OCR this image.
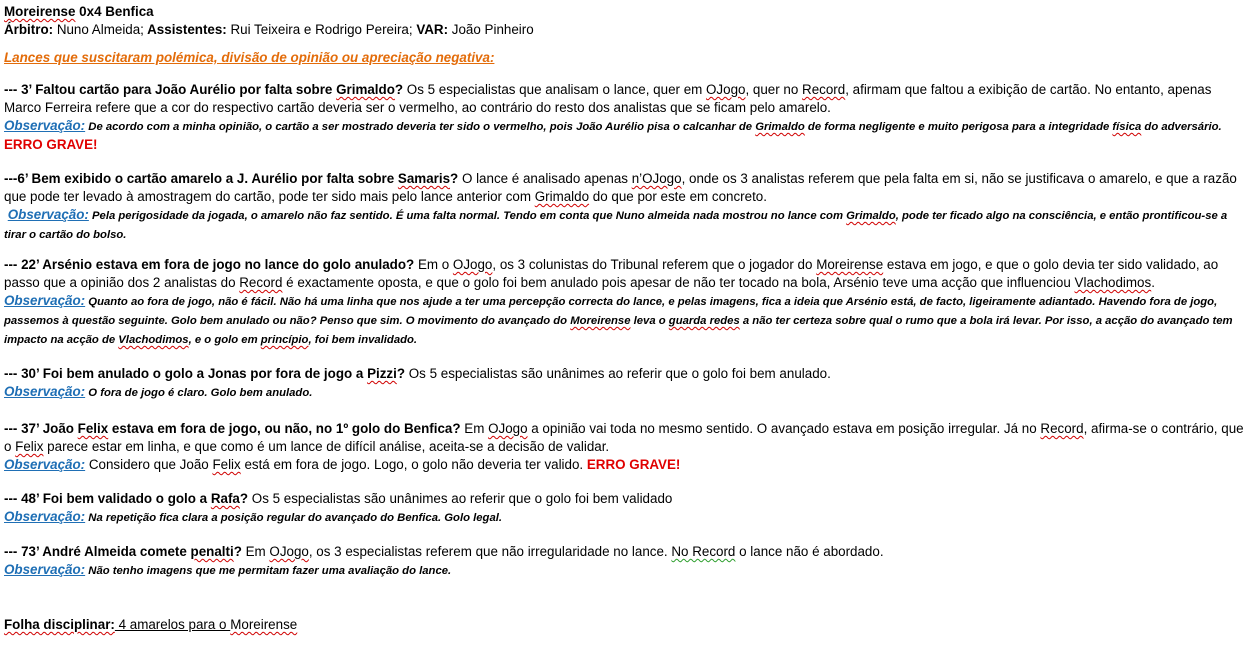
Moreirense 0x4 Benfica
Árbitro: Nuno Almeida; Assistentes: Rui Teixeira e Rodrigo Pereira; VAR: João Pinheiro
Lances que suscitaram polémica, divisão de opinião ou apreciação negativa:
--- 3’ Faltou cartão para João Aurélio por falta sobre Grimaldo? Os 5 especialistas que analisam o lance, quer em OJogo, quer no Record, afirmam que faltou a exibição de cartão. No entanto, apenas Marco Ferreira refere que a cor do respectivo cartão deveria ser o vermelho, ao contrário do resto dos analistas que se ficam pelo amarelo.
Observação: De acordo com a minha opinião, o cartão a ser mostrado deveria ter sido o vermelho, pois João Aurélio pisa o calcanhar de Grimaldo de forma negligente e muito perigosa para a integridade física do adversário.
ERRO GRAVE!
---6’ Bem exibido o cartão amarelo a J. Aurélio por falta sobre Samaris? O lance é analisado apenas n’OJogo, onde os 3 analistas referem que pela falta em si, não se justificava o amarelo, e que a razão que pode ter levado à amostragem do cartão, pode ter sido mais pelo lance anterior com Grimaldo do que por este em concreto.
Observação: Pela perigosidade da jogada, o amarelo não faz sentido. É uma falta normal. Tendo em conta que Nuno almeida nada mostrou no lance com Grimaldo, pode ter ficado algo na consciência, e então prontificou-se a tirar o cartão do bolso.
--- 22’ Arsénio estava em fora de jogo no lance do golo anulado? Em o OJogo, os 3 colunistas do Tribunal referem que o jogador do Moreirense estava em jogo, e que o golo devia ter sido validado, ao passo que a opinião dos 2 analistas do Record é exactamente oposta, e que o golo foi bem anulado pois apesar de não ter tocado na bola, Arsénio teve uma acção que influenciou Vlachodimos.
Observação: Quanto ao fora de jogo, não é fácil. Não há uma linha que nos ajude a ter uma percepção correcta do lance, e pelas imagens, fica a ideia que Arsénio está, de facto, ligeiramente adiantado. Havendo fora de jogo, passemos à questão seguinte. Golo bem anulado ou não? Penso que sim. O movimento do avançado do Moreirense leva o guarda redes a não ter certeza sobre qual o rumo que a bola irá levar. Por isso, a acção do avançado tem impacto na acção de Vlachodimos, e o golo em princípio, foi bem invalidado.
--- 30’ Foi bem anulado o golo a Jonas por fora de jogo a Pizzi? Os 5 especialistas são unânimes ao referir que o golo foi bem anulado.
Observação: O fora de jogo é claro. Golo bem anulado.
--- 37’ João Felix estava em fora de jogo, ou não, no 1º golo do Benfica? Em OJogo a opinião vai toda no mesmo sentido. O avançado estava em posição irregular. Já no Record, afirma-se o contrário, que o Felix parece estar em linha, e que como é um lance de difícil análise, aceita-se a decisão de validar.
Observação: Considero que João Felix está em fora de jogo. Logo, o golo não deveria ter valido. ERRO GRAVE!
--- 48’ Foi bem validado o golo a Rafa? Os 5 especialistas são unânimes ao referir que o golo foi bem validado
Observação: Na repetição fica clara a posição regular do avançado do Benfica. Golo legal.
--- 73’ André Almeida comete penalti? Em OJogo, os 3 especialistas referem que não irregularidade no lance. No Record o lance não é abordado.
Observação: Não tenho imagens que me permitam fazer uma avaliação do lance.
Folha disciplinar: 4 amarelos para o Moreirense
